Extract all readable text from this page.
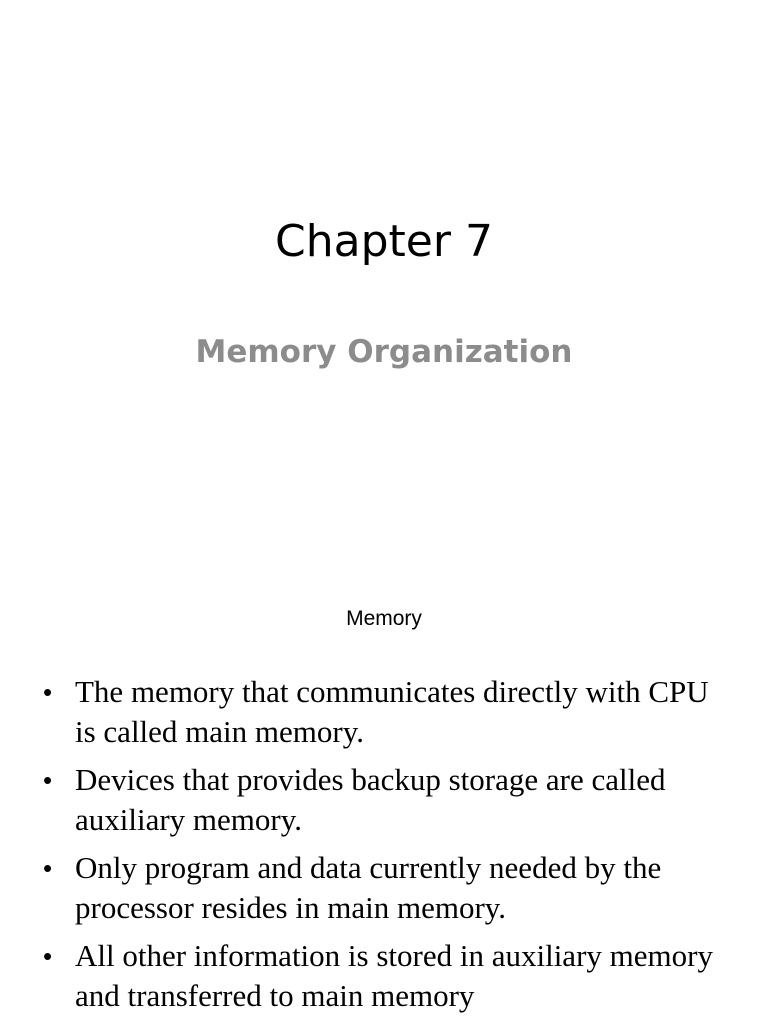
Chapter 7
Memory Organization
Memory
• The memory that communicates directly with CPU is called main memory.
• Devices that provides backup storage are called auxiliary memory.
• Only program and data currently needed by the processor resides in main memory.
• All other information is stored in auxiliary memory and transferred to main memory
